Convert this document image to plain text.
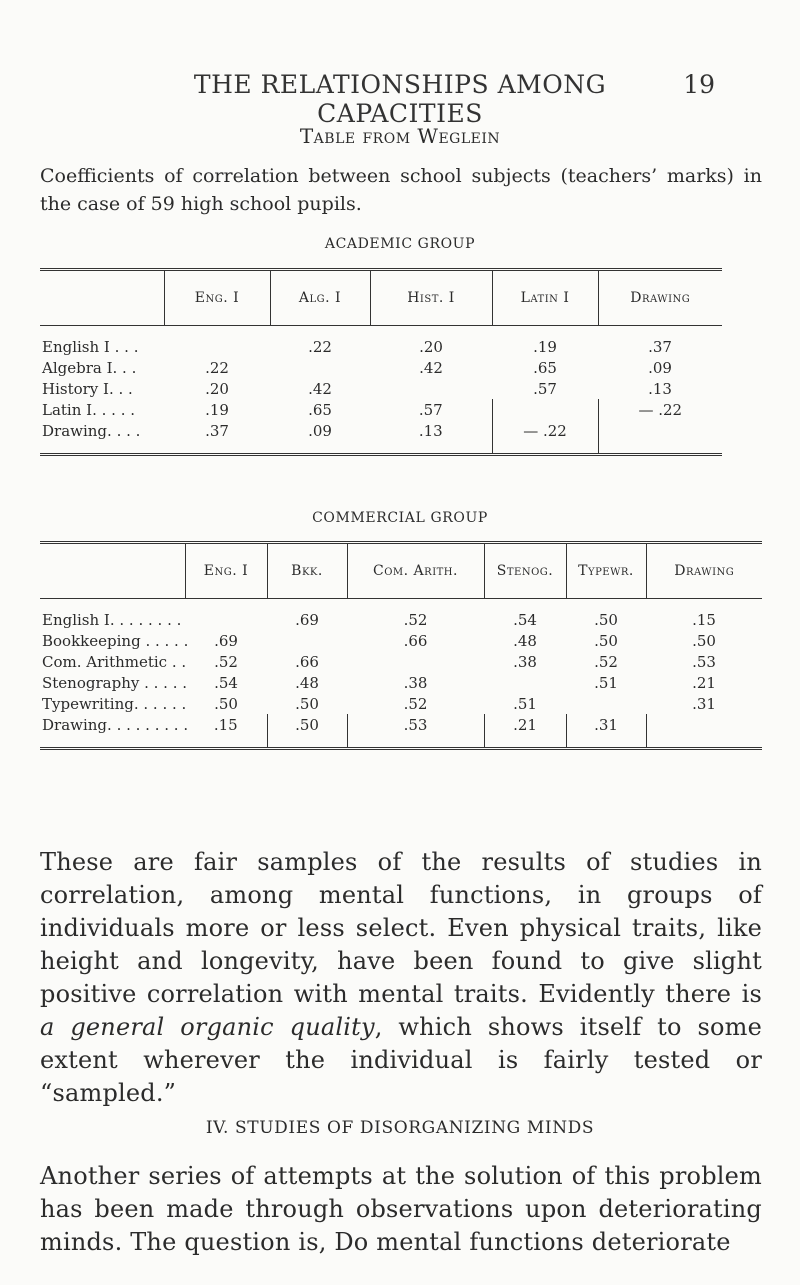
THE RELATIONSHIPS AMONG CAPACITIES
19
Table from Weglein
Coefficients of correlation between school subjects (teachers’ marks) in the case of 59 high school pupils.
ACADEMIC GROUP
	Eng. I	Alg. I	Hist. I	Latin I	Drawing
English I . . .		.22	.20	.19	.37
Algebra I. . .	.22		.42	.65	.09
History I. . .	.20	.42		.57	.13
Latin I. . . . .	.19	.65	.57		— .22
Drawing. . . .	.37	.09	.13	— .22	
COMMERCIAL GROUP
	Eng. I	Bkk.	Com. Arith.	Stenog.	Typewr.	Drawing
English I. . . . . . . .		.69	.52	.54	.50	.15
Bookkeeping . . . . .	.69		.66	.48	.50	.50
Com. Arithmetic . .	.52	.66		.38	.52	.53
Stenography . . . . .	.54	.48	.38		.51	.21
Typewriting. . . . . .	.50	.50	.52	.51		.31
Drawing. . . . . . . . .	.15	.50	.53	.21	.31	

These are fair samples of the results of studies in correlation, among mental functions, in groups of individuals more or less select. Even physical traits, like height and longevity, have been found to give slight positive correlation with mental traits. Evidently there is a general organic quality, which shows itself to some extent wherever the individual is fairly tested or “sampled.”

IV. STUDIES OF DISORGANIZING MINDS

Another series of attempts at the solution of this problem has been made through observations upon deteriorating minds. The question is, Do mental functions deteriorate
